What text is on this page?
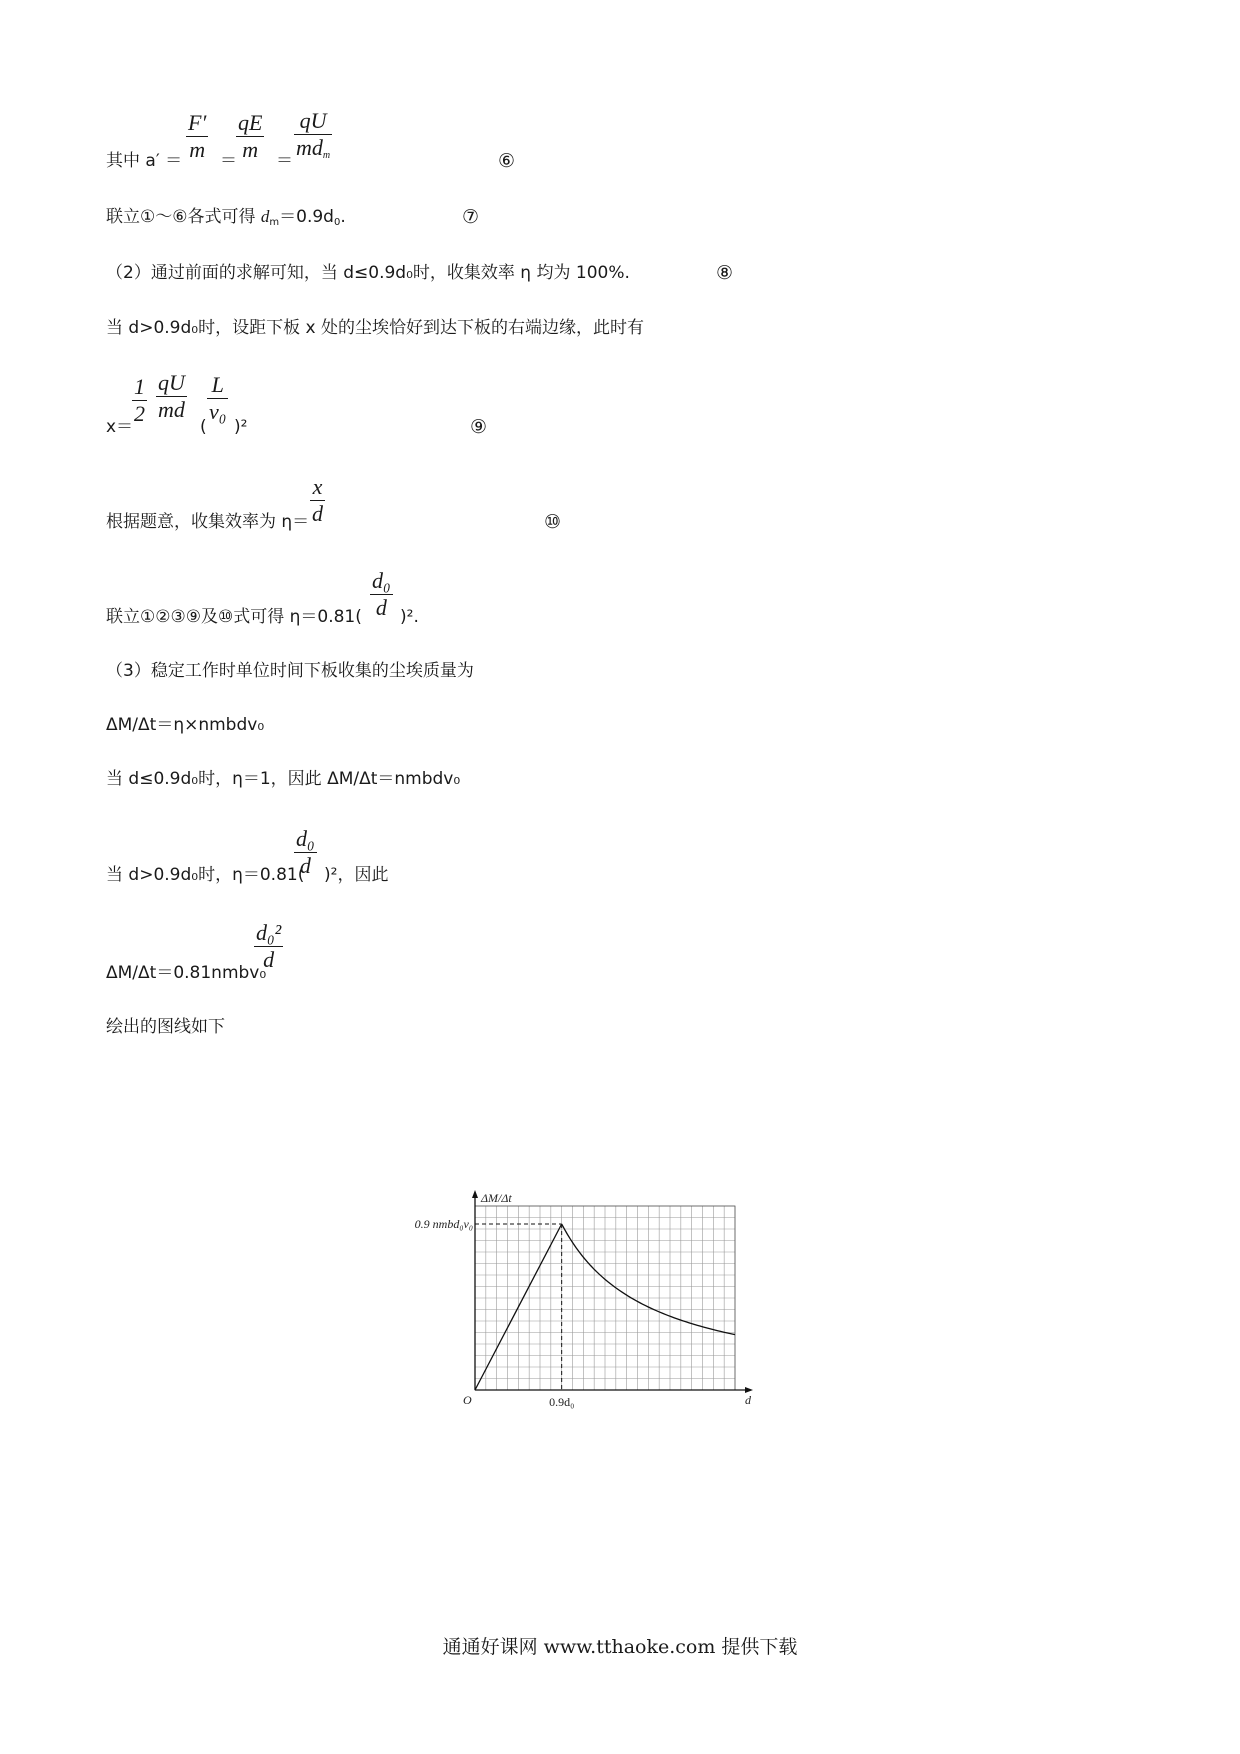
其中 a′ ＝
F′
m ＝
qE
m	＝
qU
$md_m$	⑥
联立①～⑥各式可得 $d_m=0.9d_0$.	⑦
（2）通过前面的求解可知，当 d≤0.9d₀时，收集效率 η 均为 100%.	⑧
当 d>0.9d₀时，设距下板 x 处的尘埃恰好到达下板的右端边缘，此时有
x＝
1
2
qU
md
(
L
v₀
)²	⑨
根据题意，收集效率为 η＝
x
d	⑩
联立①②③⑨及⑩式可得 η＝0.81(
d₀
d )².
（3）稳定工作时单位时间下板收集的尘埃质量为
ΔM/Δt＝η×nmbdv₀
当 d≤0.9d₀时，η＝1，因此 ΔM/Δt＝nmbdv₀
当 d>0.9d₀时，η＝0.81(
d₀
d )²，因此
ΔM/Δt＝0.81nmbv₀
d₀²
d
绘出的图线如下
ΔM/Δt
d
O	0.9d₀
0.9 nmbd₀v₀
通通好课网 www.tthaoke.com 提供下载
